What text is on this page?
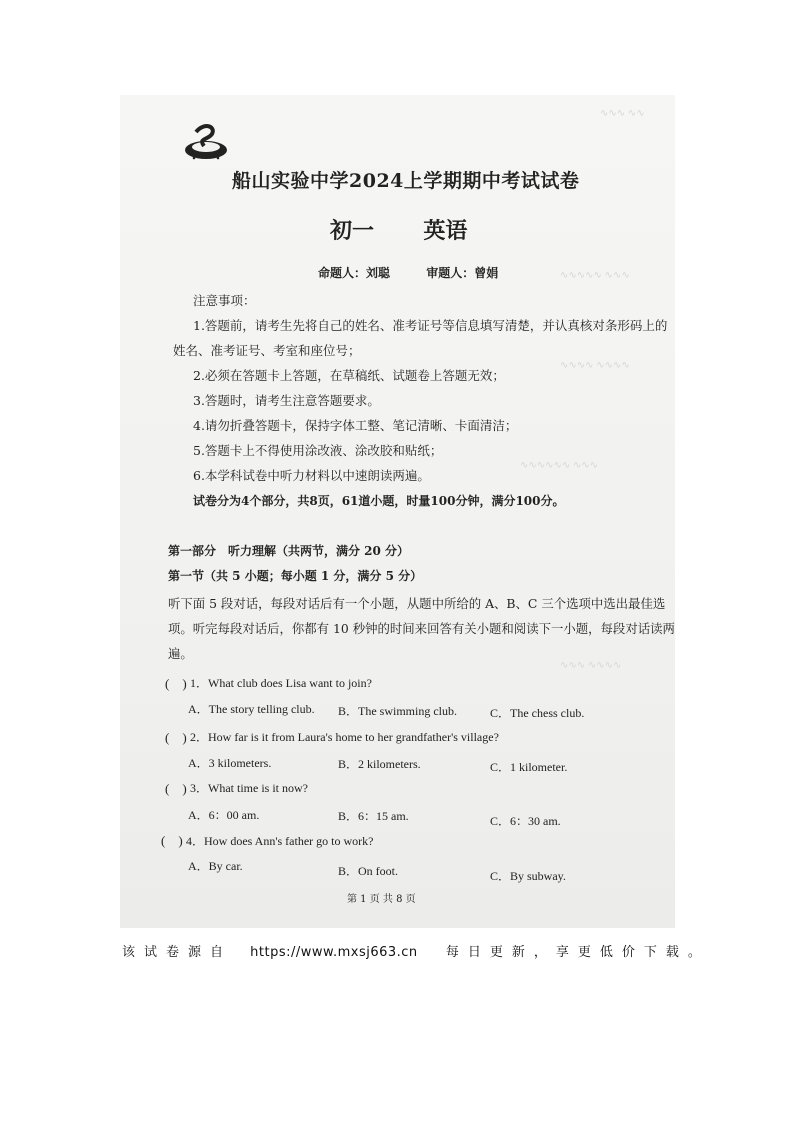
∿∿∿ ∿∿
∿∿∿∿∿ ∿∿∿
∿∿∿∿ ∿∿∿∿
∿∿∿∿∿∿ ∿∿∿
∿∿∿ ∿∿∿∿
船山实验中学2024上学期期中考试试卷
初一 英语
命题人：刘聪	审题人：曾娟
注意事项：
1.答题前，请考生先将自己的姓名、准考证号等信息填写清楚，并认真核对条形码上的
姓名、准考证号、考室和座位号；
2.必须在答题卡上答题，在草稿纸、试题卷上答题无效；
3.答题时，请考生注意答题要求。
4.请勿折叠答题卡，保持字体工整、笔记清晰、卡面清洁；
5.答题卡上不得使用涂改液、涂改胶和贴纸；
6.本学科试卷中听力材料以中速朗读两遍。
试卷分为4个部分，共8页，61道小题，时量100分钟，满分100分。
第一部分　听力理解（共两节，满分 20 分）
第一节（共 5 小题；每小题 1 分，满分 5 分）
听下面 5 段对话，每段对话后有一个小题，从题中所给的 A、B、C 三个选项中选出最佳选
项。听完每段对话后，你都有 10 秒钟的时间来回答有关小题和阅读下一小题，每段对话读两
遍。
(　) 1．What club does Lisa want to join?
A．The story telling club. B．The swimming club.	C．The chess club.
(　) 2．How far is it from Laura's home to her grandfather's village?
A．3 kilometers.	B．2 kilometers.	C．1 kilometer.
(　) 3．What time is it now?
A．6：00 am.	B．6：15 am.	C．6：30 am.
(　) 4．How does Ann's father go to work?
A．By car.	B．On foot.	C．By subway.
第 1 页 共 8 页
该试卷源自 https://www.mxsj663.cn 每日更新，享更低价下载。
